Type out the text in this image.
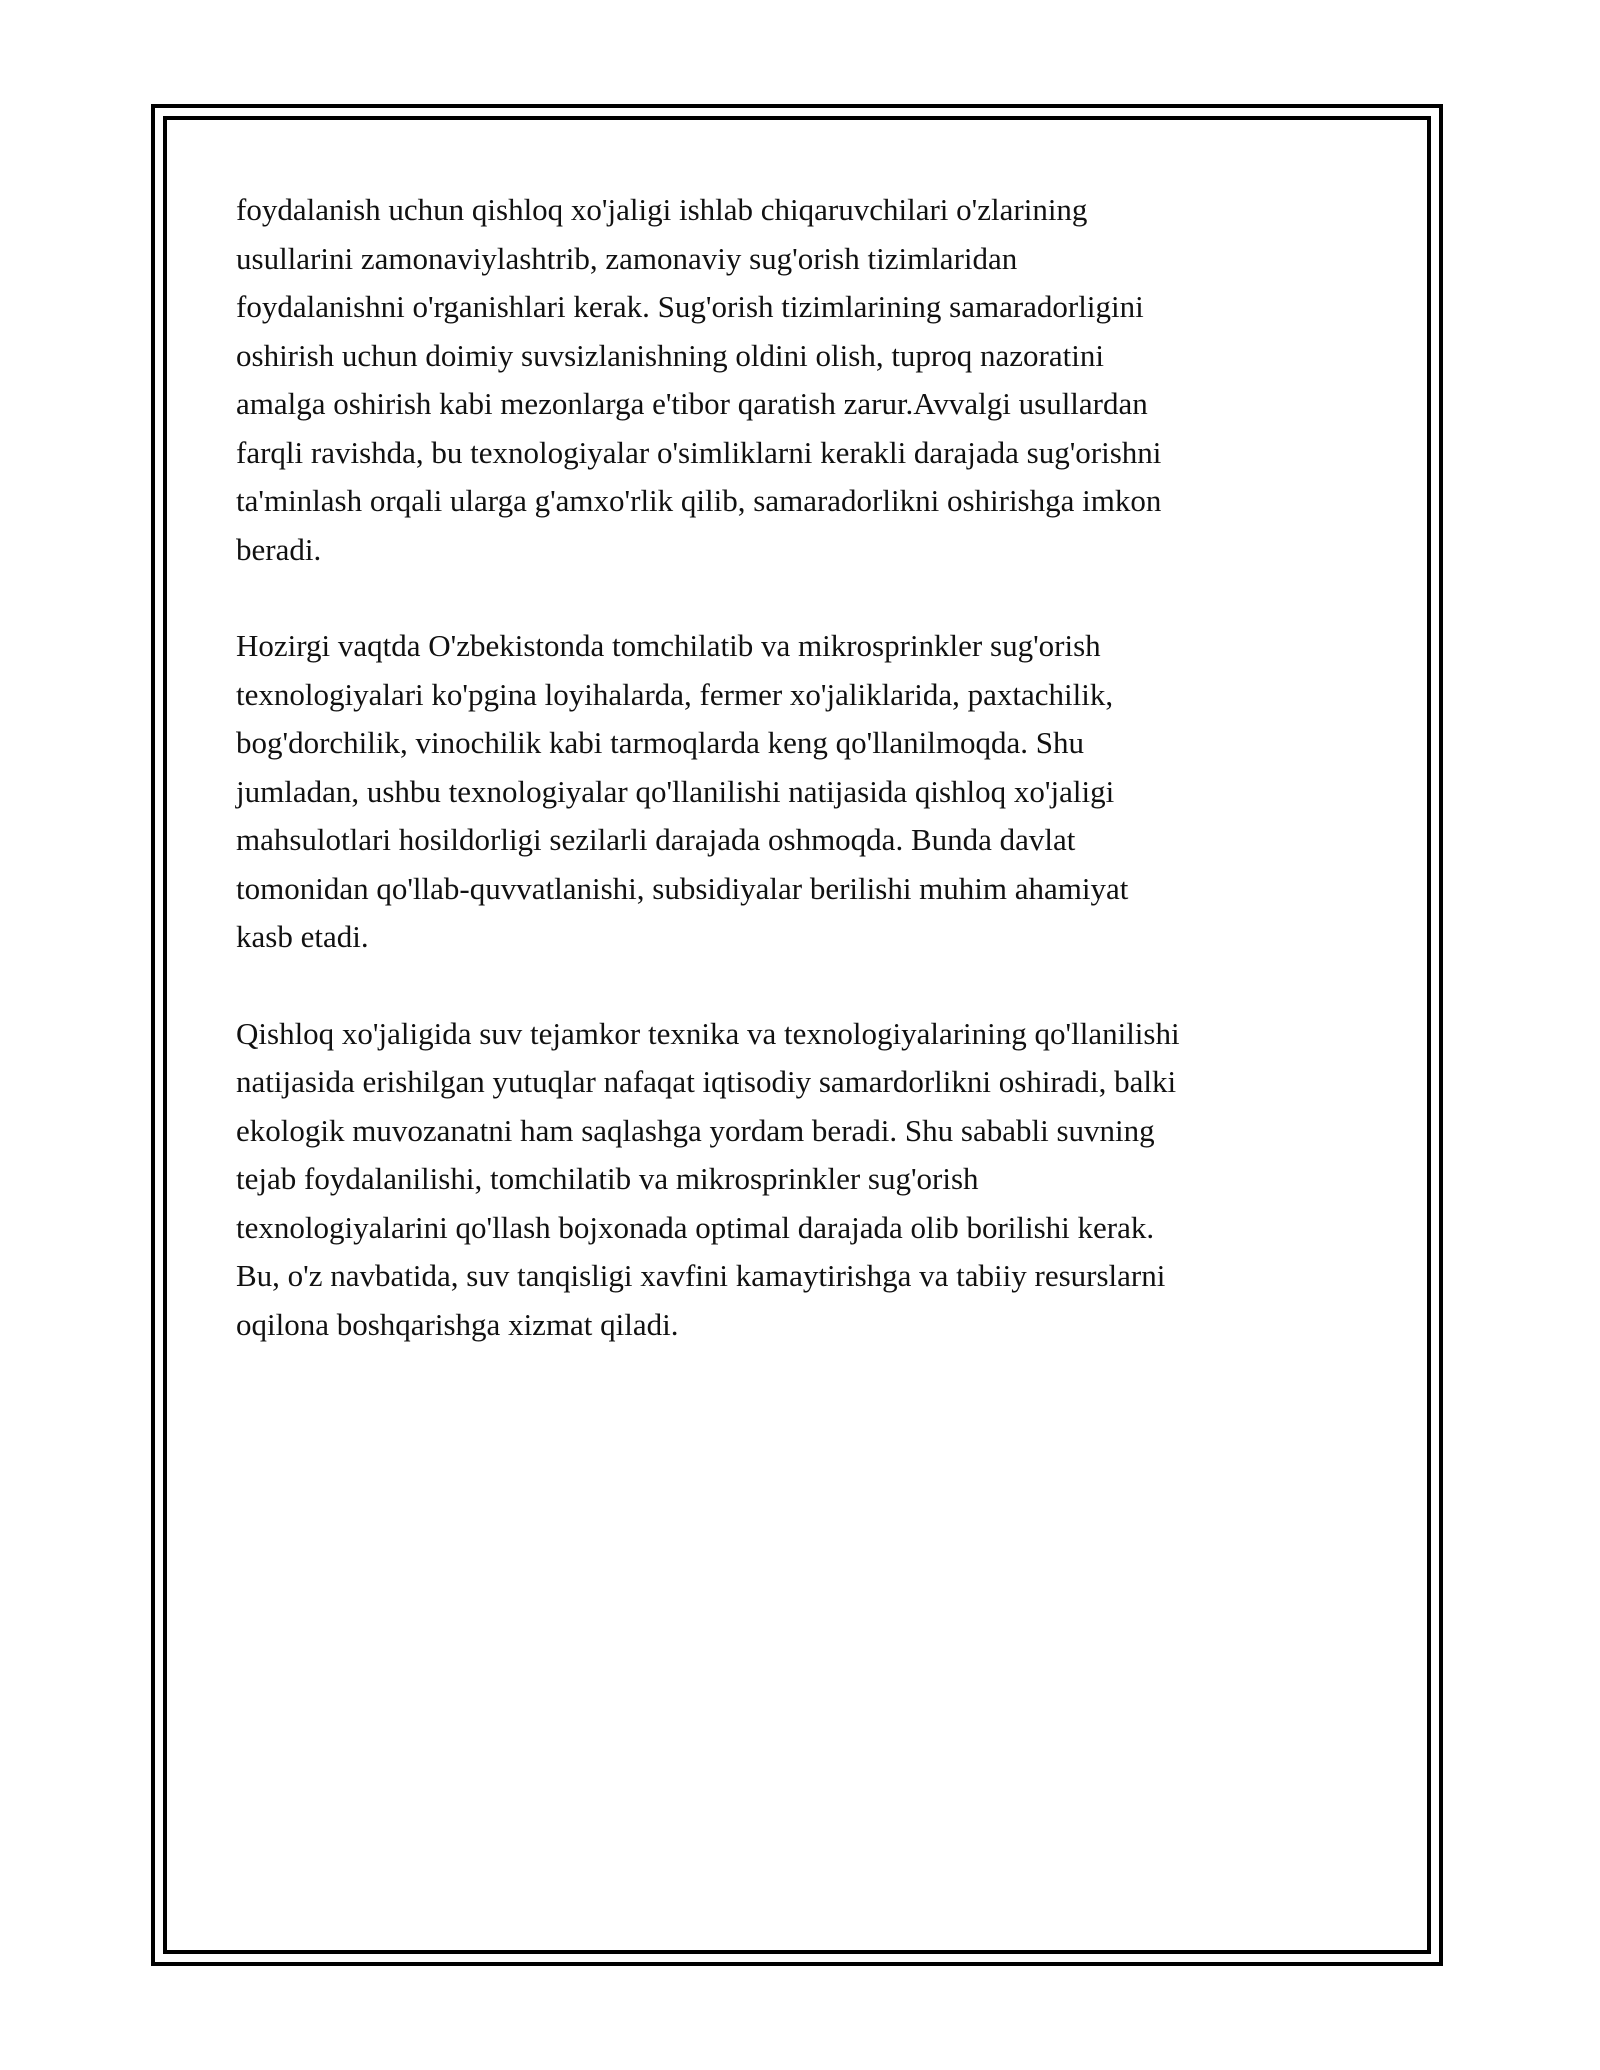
foydalanish uchun qishloq xo'jaligi ishlab chiqaruvchilari o'zlarining
usullarini zamonaviylashtrib, zamonaviy sug'orish tizimlaridan
foydalanishni o'rganishlari kerak. Sug'orish tizimlarining samaradorligini
oshirish uchun doimiy suvsizlanishning oldini olish, tuproq nazoratini
amalga oshirish kabi mezonlarga e'tibor qaratish zarur.Avvalgi usullardan
farqli ravishda, bu texnologiyalar o'simliklarni kerakli darajada sug'orishni
ta'minlash orqali ularga g'amxo'rlik qilib, samaradorlikni oshirishga imkon
beradi.

Hozirgi vaqtda O'zbekistonda tomchilatib va mikrosprinkler sug'orish
texnologiyalari ko'pgina loyihalarda, fermer xo'jaliklarida, paxtachilik,
bog'dorchilik, vinochilik kabi tarmoqlarda keng qo'llanilmoqda. Shu
jumladan, ushbu texnologiyalar qo'llanilishi natijasida qishloq xo'jaligi
mahsulotlari hosildorligi sezilarli darajada oshmoqda. Bunda davlat
tomonidan qo'llab-quvvatlanishi, subsidiyalar berilishi muhim ahamiyat
kasb etadi.

Qishloq xo'jaligida suv tejamkor texnika va texnologiyalarining qo'llanilishi
natijasida erishilgan yutuqlar nafaqat iqtisodiy samardorlikni oshiradi, balki
ekologik muvozanatni ham saqlashga yordam beradi. Shu sababli suvning
tejab foydalanilishi, tomchilatib va mikrosprinkler sug'orish
texnologiyalarini qo'llash bojxonada optimal darajada olib borilishi kerak.
Bu, o'z navbatida, suv tanqisligi xavfini kamaytirishga va tabiiy resurslarni
oqilona boshqarishga xizmat qiladi.
